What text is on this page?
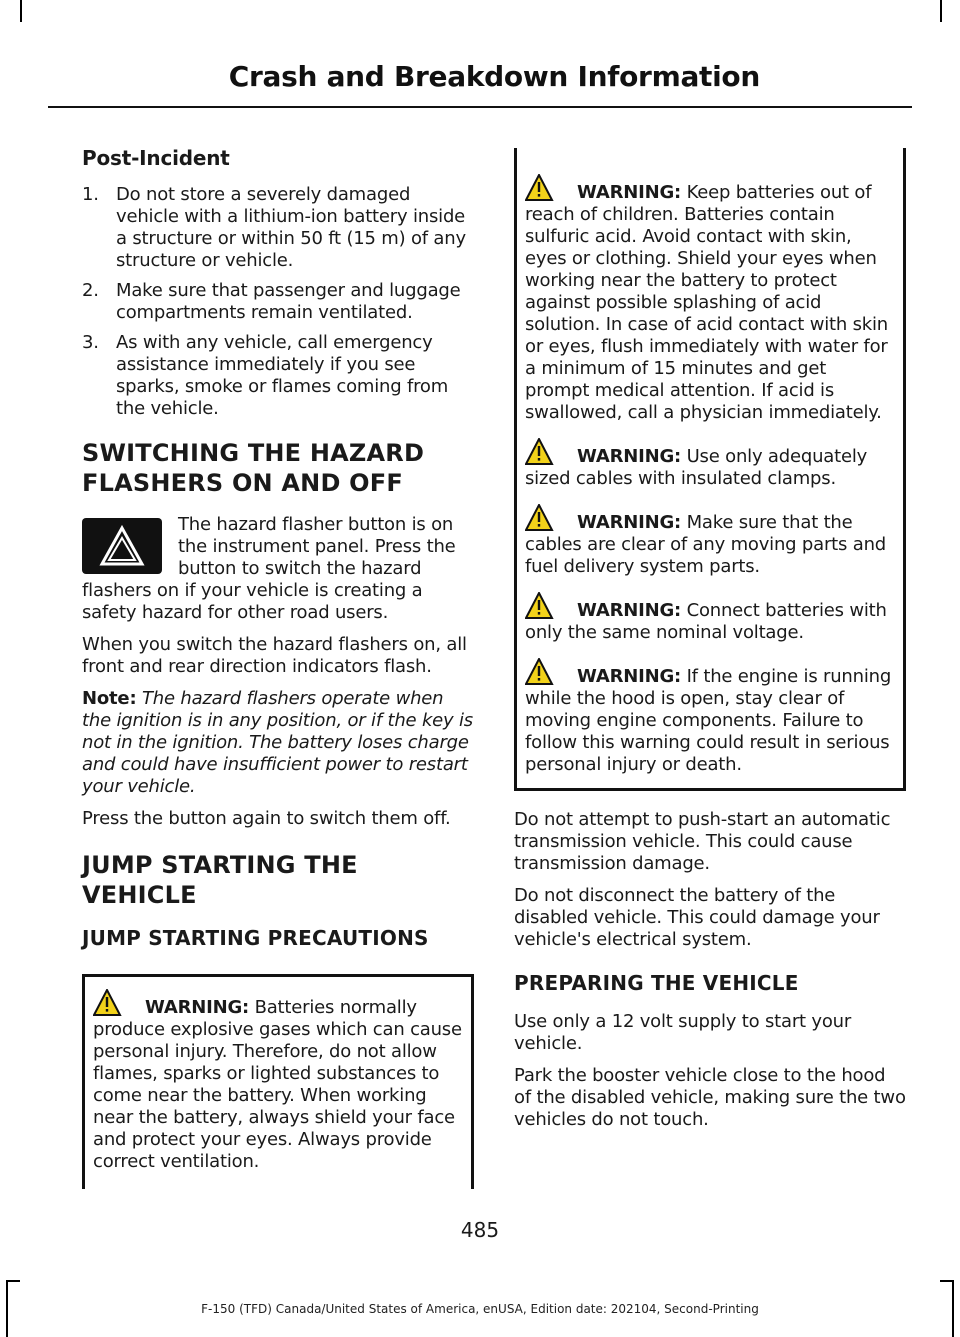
Crash and Breakdown Information
Post-Incident
1. Do not store a severely damaged vehicle with a lithium-ion battery inside a structure or within 50 ft (15 m) of any structure or vehicle.
2. Make sure that passenger and luggage compartments remain ventilated.
3. As with any vehicle, call emergency assistance immediately if you see sparks, smoke or flames coming from the vehicle.
SWITCHING THE HAZARD FLASHERS ON AND OFF

The hazard flasher button is on the instrument panel. Press the button to switch the hazard flashers on if your vehicle is creating a safety hazard for other road users.

When you switch the hazard flashers on, all front and rear direction indicators flash.

Note: The hazard flashers operate when the ignition is in any position, or if the key is not in the ignition. The battery loses charge and could have insufficient power to restart your vehicle.

Press the button again to switch them off.

JUMP STARTING THE VEHICLE
JUMP STARTING PRECAUTIONS
WARNING: Batteries normally produce explosive gases which can cause personal injury. Therefore, do not allow flames, sparks or lighted substances to come near the battery. When working near the battery, always shield your face and protect your eyes. Always provide correct ventilation.
WARNING: Keep batteries out of reach of children. Batteries contain sulfuric acid. Avoid contact with skin, eyes or clothing. Shield your eyes when working near the battery to protect against possible splashing of acid solution. In case of acid contact with skin or eyes, flush immediately with water for a minimum of 15 minutes and get prompt medical attention. If acid is swallowed, call a physician immediately.
WARNING: Use only adequately sized cables with insulated clamps.
WARNING: Make sure that the cables are clear of any moving parts and fuel delivery system parts.
WARNING: Connect batteries with only the same nominal voltage.
WARNING: If the engine is running while the hood is open, stay clear of moving engine components. Failure to follow this warning could result in serious personal injury or death.

Do not attempt to push-start an automatic transmission vehicle. This could cause transmission damage.

Do not disconnect the battery of the disabled vehicle. This could damage your vehicle's electrical system.

PREPARING THE VEHICLE

Use only a 12 volt supply to start your vehicle.

Park the booster vehicle close to the hood of the disabled vehicle, making sure the two vehicles do not touch.

485
F-150 (TFD) Canada/United States of America, enUSA, Edition date: 202104, Second-Printing
